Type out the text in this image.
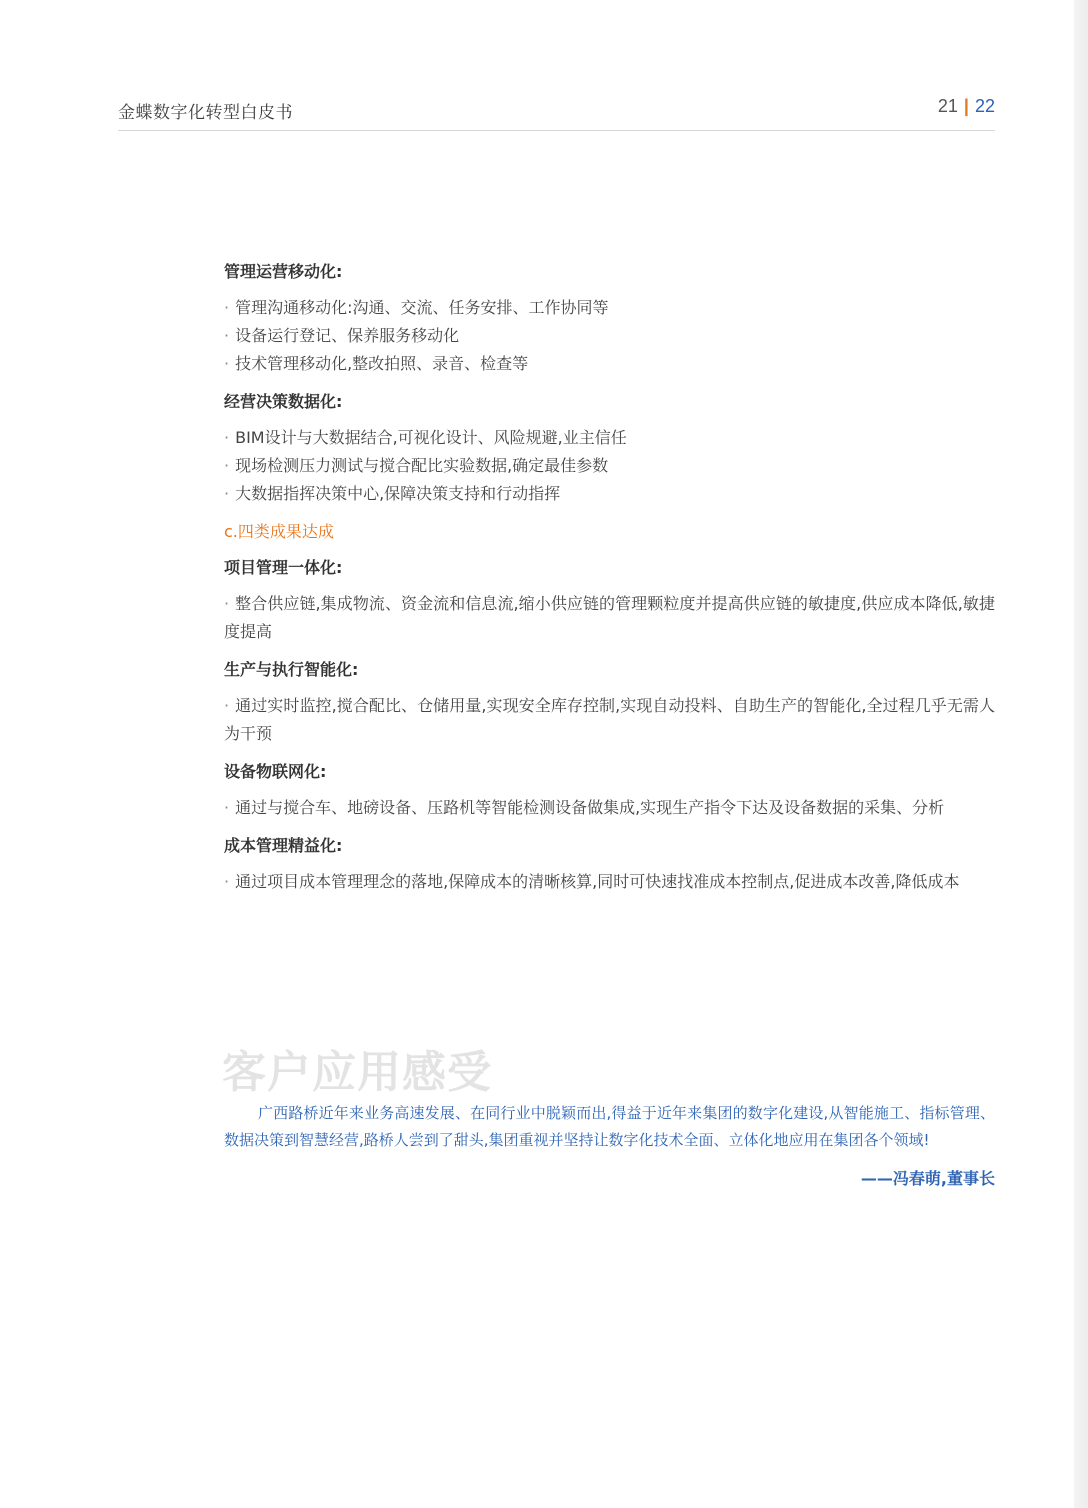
金蝶数字化转型白皮书	21 | 22

管理运营移动化:

· 管理沟通移动化:沟通、交流、任务安排、工作协同等
· 设备运行登记、保养服务移动化
· 技术管理移动化,整改拍照、录音、检查等

经营决策数据化:

· BIM设计与大数据结合,可视化设计、风险规避,业主信任
· 现场检测压力测试与搅合配比实验数据,确定最佳参数
· 大数据指挥决策中心,保障决策支持和行动指挥

c.四类成果达成

项目管理一体化:

· 整合供应链,集成物流、资金流和信息流,缩小供应链的管理颗粒度并提高供应链的敏捷度,供应成本降低,敏捷度提高

生产与执行智能化:

· 通过实时监控,搅合配比、仓储用量,实现安全库存控制,实现自动投料、自助生产的智能化,全过程几乎无需人为干预

设备物联网化:

· 通过与搅合车、地磅设备、压路机等智能检测设备做集成,实现生产指令下达及设备数据的采集、分析

成本管理精益化:

· 通过项目成本管理理念的落地,保障成本的清晰核算,同时可快速找准成本控制点,促进成本改善,降低成本

客户应用感受
广西路桥近年来业务高速发展、在同行业中脱颖而出,得益于近年来集团的数字化建设,从智能施工、指标管理、数据决策到智慧经营,路桥人尝到了甜头,集团重视并坚持让数字化技术全面、立体化地应用在集团各个领域!
——冯春萌,董事长
